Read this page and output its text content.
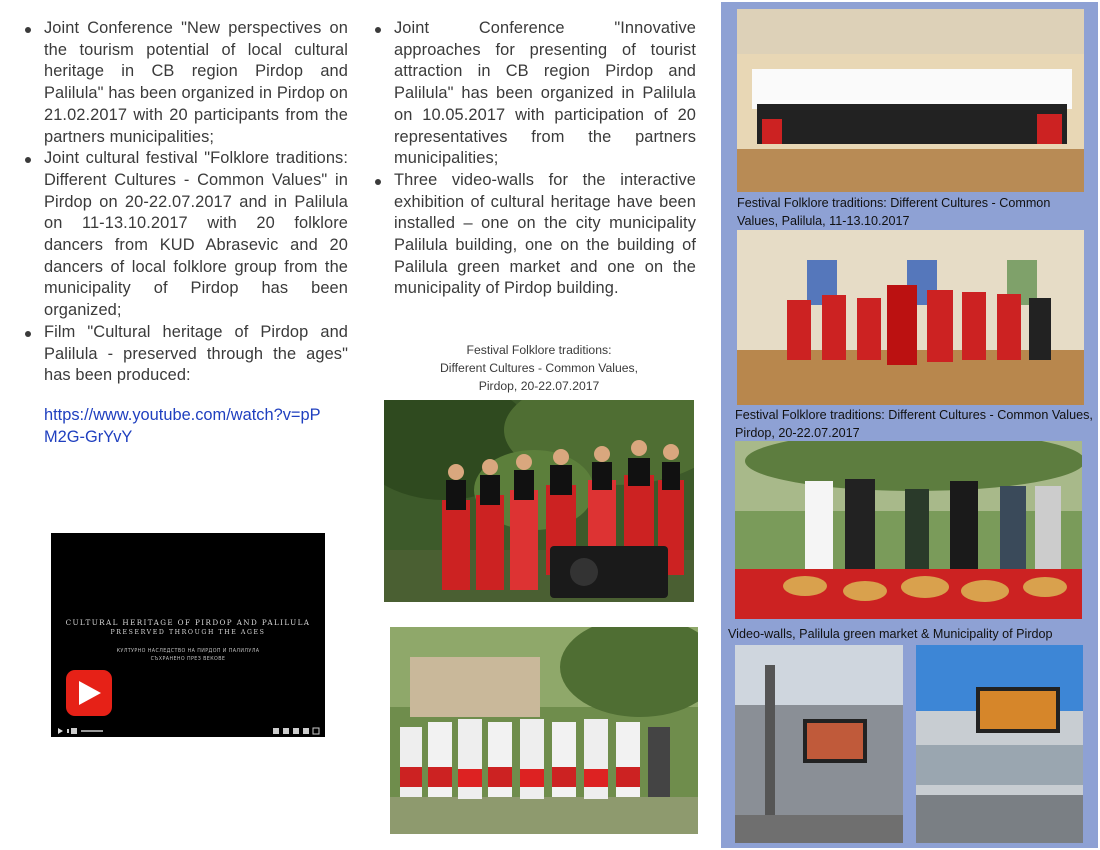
Joint Conference "New perspectives on the tourism potential of local cultural heritage in CB region Pirdop and Palilula" has been organized in Pirdop on 21.02.2017 with 20 participants from the partners municipalities;
Joint cultural festival "Folklore traditions: Different Cultures - Common Values" in Pirdop on 20-22.07.2017 and in Palilula on 11-13.10.2017 with 20 folklore dancers from KUD Abrasevic and 20 dancers of local folklore group from the municipality of Pirdop has been organized;
Film "Cultural heritage of Pirdop and Palilula - preserved through the ages" has been produced:
https://www.youtube.com/watch?v=pPM2G-GrYvY
CULTURAL HERITAGE OF PIRDOP AND PALILULA
PRESERVED THROUGH THE AGES
КУЛТУРНО НАСЛЕДСТВО НА ПИРДОП И ПАЛИЛУЛА
СЪХРАНЕНО ПРЕЗ ВЕКОВЕ
Joint Conference "Innovative approaches for presenting of tourist attraction in CB region Pirdop and Palilula" has been organized in Palilula on 10.05.2017 with participation of 20 representatives from the partners municipalities;
Three video-walls for the interactive exhibition of cultural heritage have been installed – one on the city municipality Palilula building, one on the building of Palilula green market and one on the municipality of Pirdop building.
Festival Folklore traditions:
Different Cultures - Common Values,
Pirdop, 20-22.07.2017
Festival Folklore traditions: Different Cultures - Common Values, Palilula, 11-13.10.2017
Festival Folklore traditions: Different Cultures - Common Values, Pirdop, 20-22.07.2017
Video-walls, Palilula green market & Municipality of Pirdop
